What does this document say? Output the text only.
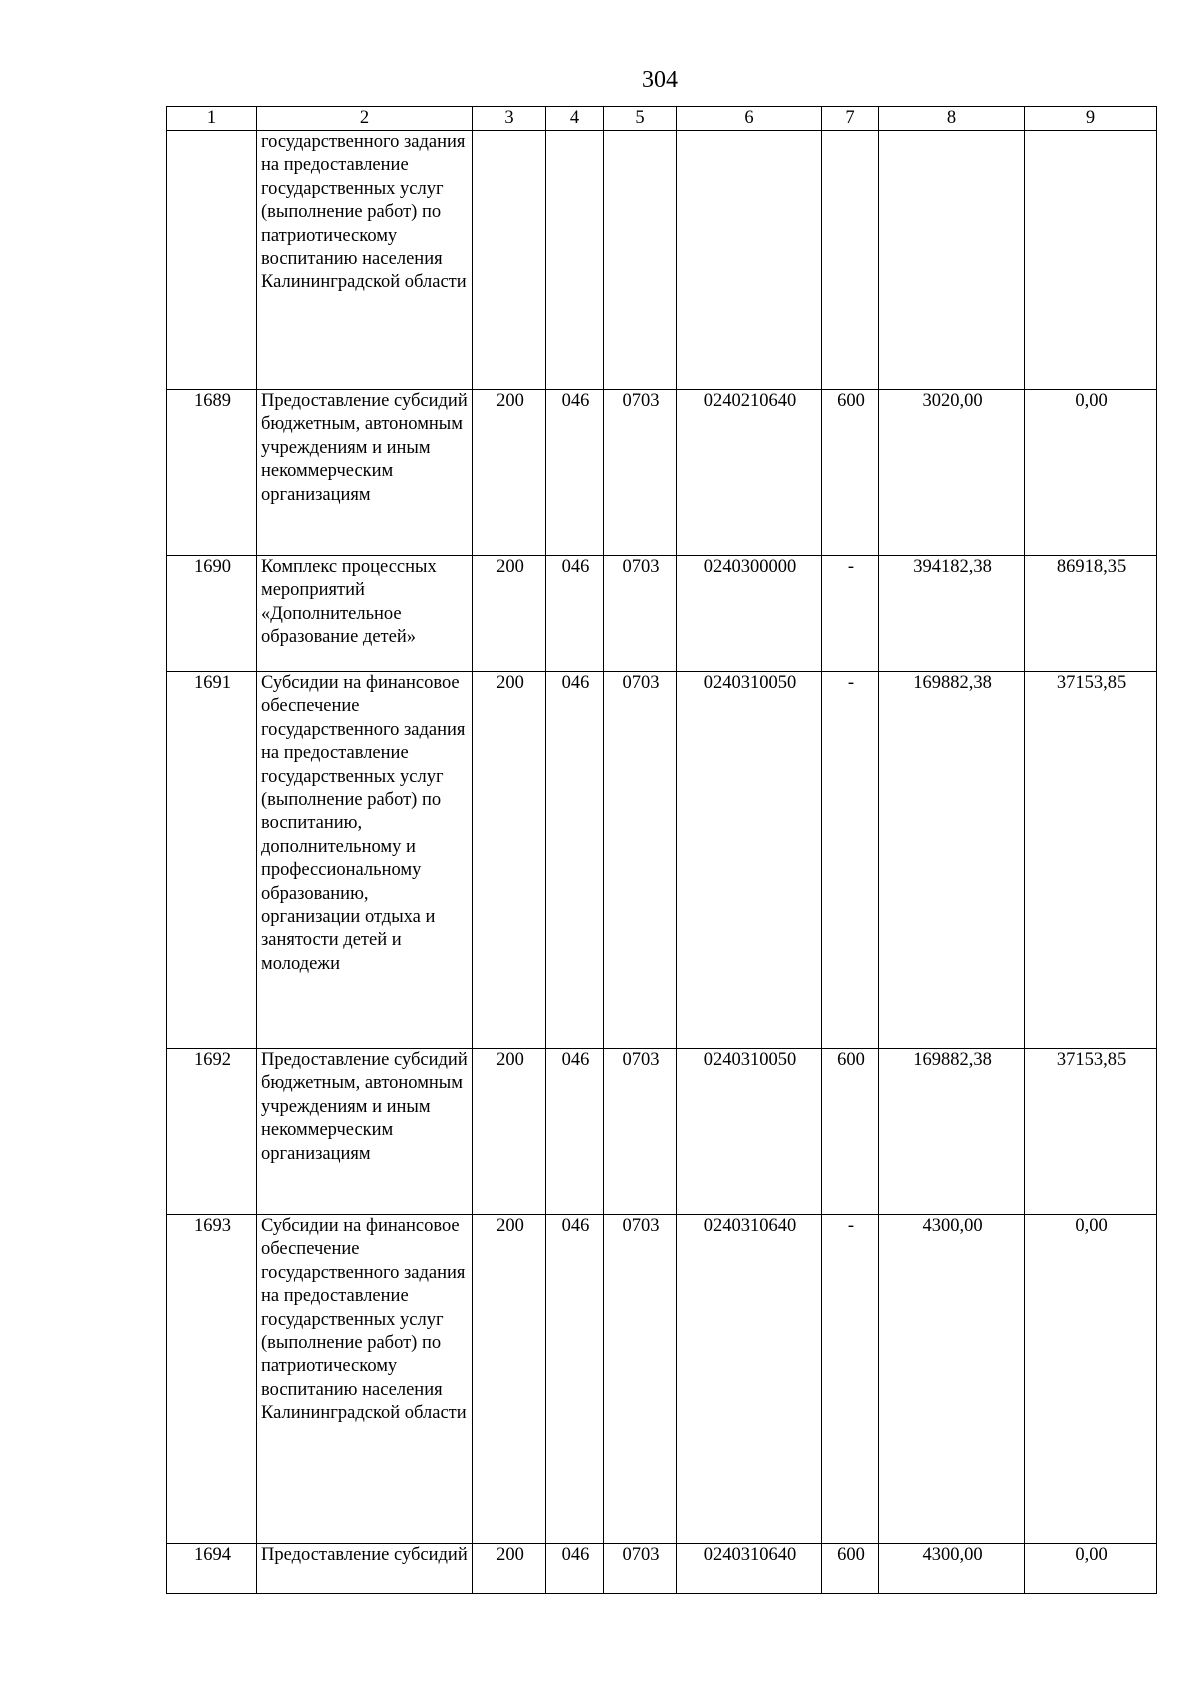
304
1	2	3	4	5	6	7	8	9
	государственного задания на предоставление государственных услуг (выполнение работ) по патриотическому воспитанию населения Калининградской области							
1689	Предоставление субсидий бюджетным, автономным учреждениям и иным некоммерческим организациям	200	046	0703	0240210640	600	3020,00	0,00
1690	Комплекс процессных мероприятий «Дополнительное образование детей»	200	046	0703	0240300000	-	394182,38	86918,35
1691	Субсидии на финансовое обеспечение государственного задания на предоставление государственных услуг (выполнение работ) по воспитанию, дополнительному и профессиональному образованию, организации отдыха и занятости детей и молодежи	200	046	0703	0240310050	-	169882,38	37153,85
1692	Предоставление субсидий бюджетным, автономным учреждениям и иным некоммерческим организациям	200	046	0703	0240310050	600	169882,38	37153,85
1693	Субсидии на финансовое обеспечение государственного задания на предоставление государственных услуг (выполнение работ) по патриотическому воспитанию населения Калининградской области	200	046	0703	0240310640	-	4300,00	0,00
1694	Предоставление субсидий	200	046	0703	0240310640	600	4300,00	0,00
